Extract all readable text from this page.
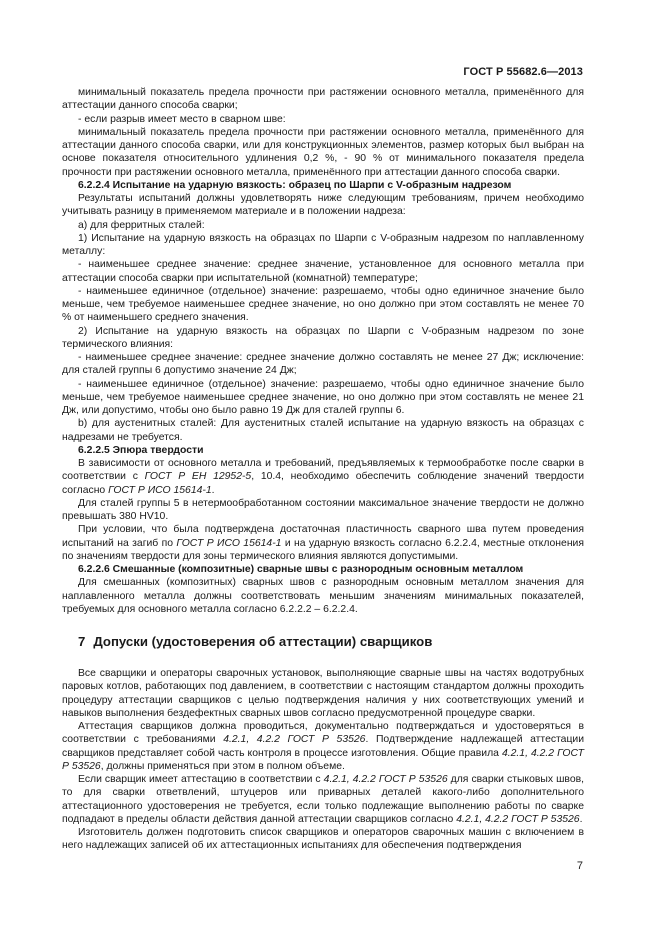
ГОСТ Р 55682.6—2013

минимальный показатель предела прочности при растяжении основного металла, применённого для аттестации данного способа сварки;

- если разрыв имеет место в сварном шве:

минимальный показатель предела прочности при растяжении основного металла, применённого для аттестации данного способа сварки, или для конструкционных элементов, размер которых был выбран на основе показателя относительного удлинения 0,2 %, - 90 % от минимального показателя предела прочности при растяжении основного металла, применённого при аттестации данного способа сварки.

6.2.2.4 Испытание на ударную вязкость: образец по Шарпи с V-образным надрезом

Результаты испытаний должны удовлетворять ниже следующим требованиям, причем необходимо учитывать разницу в применяемом материале и в положении надреза:

а) для ферритных сталей:

1) Испытание на ударную вязкость на образцах по Шарпи с V-образным надрезом по наплавленному металлу:

- наименьшее среднее значение: среднее значение, установленное для основного металла при аттестации способа сварки при испытательной (комнатной) температуре;

- наименьшее единичное (отдельное) значение: разрешаемо, чтобы одно единичное значение было меньше, чем требуемое наименьшее среднее значение, но оно должно при этом составлять не менее 70 % от наименьшего среднего значения.

2) Испытание на ударную вязкость на образцах по Шарпи с V-образным надрезом по зоне термического влияния:

- наименьшее среднее значение: среднее значение должно составлять не менее 27 Дж; исключение: для сталей группы 6 допустимо значение 24 Дж;

- наименьшее единичное (отдельное) значение: разрешаемо, чтобы одно единичное значение было меньше, чем требуемое наименьшее среднее значение, но оно должно при этом составлять не менее 21 Дж, или допустимо, чтобы оно было равно 19 Дж для сталей группы 6.

b) для аустенитных сталей: Для аустенитных сталей испытание на ударную вязкость на образцах с надрезами не требуется.

6.2.2.5 Эпюра твердости

В зависимости от основного металла и требований, предъявляемых к термообработке после сварки в соответствии с ГОСТ Р ЕН 12952-5, 10.4, необходимо обеспечить соблюдение значений твердости согласно ГОСТ Р ИСО 15614-1.

Для сталей группы 5 в нетермообработанном состоянии максимальное значение твердости не должно превышать 380 HV10.

При условии, что была подтверждена достаточная пластичность сварного шва путем проведения испытаний на загиб по ГОСТ Р ИСО 15614-1 и на ударную вязкость согласно 6.2.2.4, местные отклонения по значениям твердости для зоны термического влияния являются допустимыми.

6.2.2.6 Смешанные (композитные) сварные швы с разнородным основным металлом

Для смешанных (композитных) сварных швов с разнородным основным металлом значения для наплавленного металла должны соответствовать меньшим значениям минимальных показателей, требуемых для основного металла согласно 6.2.2.2 – 6.2.2.4.

7 Допуски (удостоверения об аттестации) сварщиков

Все сварщики и операторы сварочных установок, выполняющие сварные швы на частях водотрубных паровых котлов, работающих под давлением, в соответствии с настоящим стандартом должны проходить процедуру аттестации сварщиков с целью подтверждения наличия у них соответствующих умений и навыков выполнения бездефектных сварных швов согласно предусмотренной процедуре сварки.

Аттестация сварщиков должна проводиться, документально подтверждаться и удостоверяться в соответствии с требованиями 4.2.1, 4.2.2 ГОСТ Р 53526. Подтверждение надлежащей аттестации сварщиков представляет собой часть контроля в процессе изготовления. Общие правила 4.2.1, 4.2.2 ГОСТ Р 53526, должны применяться при этом в полном объеме.

Если сварщик имеет аттестацию в соответствии с 4.2.1, 4.2.2 ГОСТ Р 53526 для сварки стыковых швов, то для сварки ответвлений, штуцеров или приварных деталей какого-либо дополнительного аттестационного удостоверения не требуется, если только подлежащие выполнению работы по сварке подпадают в пределы области действия данной аттестации сварщиков согласно 4.2.1, 4.2.2 ГОСТ Р 53526.

Изготовитель должен подготовить список сварщиков и операторов сварочных машин с включением в него надлежащих записей об их аттестационных испытаниях для обеспечения подтверждения

7
